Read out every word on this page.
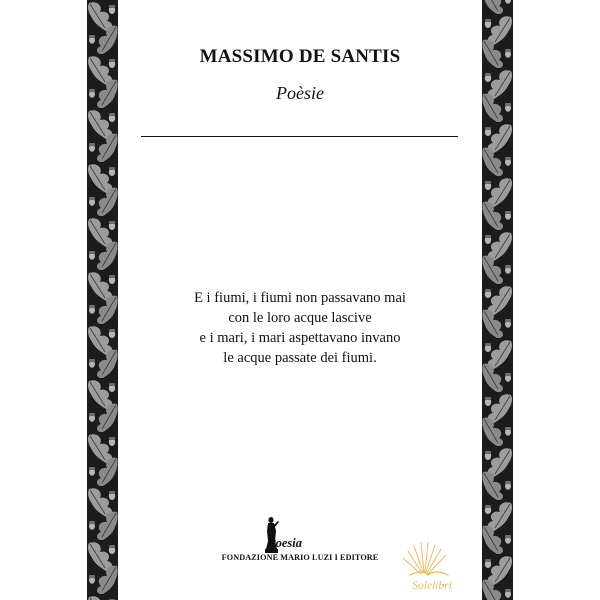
MASSIMO DE SANTIS
Poèsie
E i fiumi, i fiumi non passavano mai
con le loro acque lascive
e i mari, i mari aspettavano invano
le acque passate dei fiumi.
Poesia
FONDAZIONE MARIO LUZI I EDITORE
Solelibri
